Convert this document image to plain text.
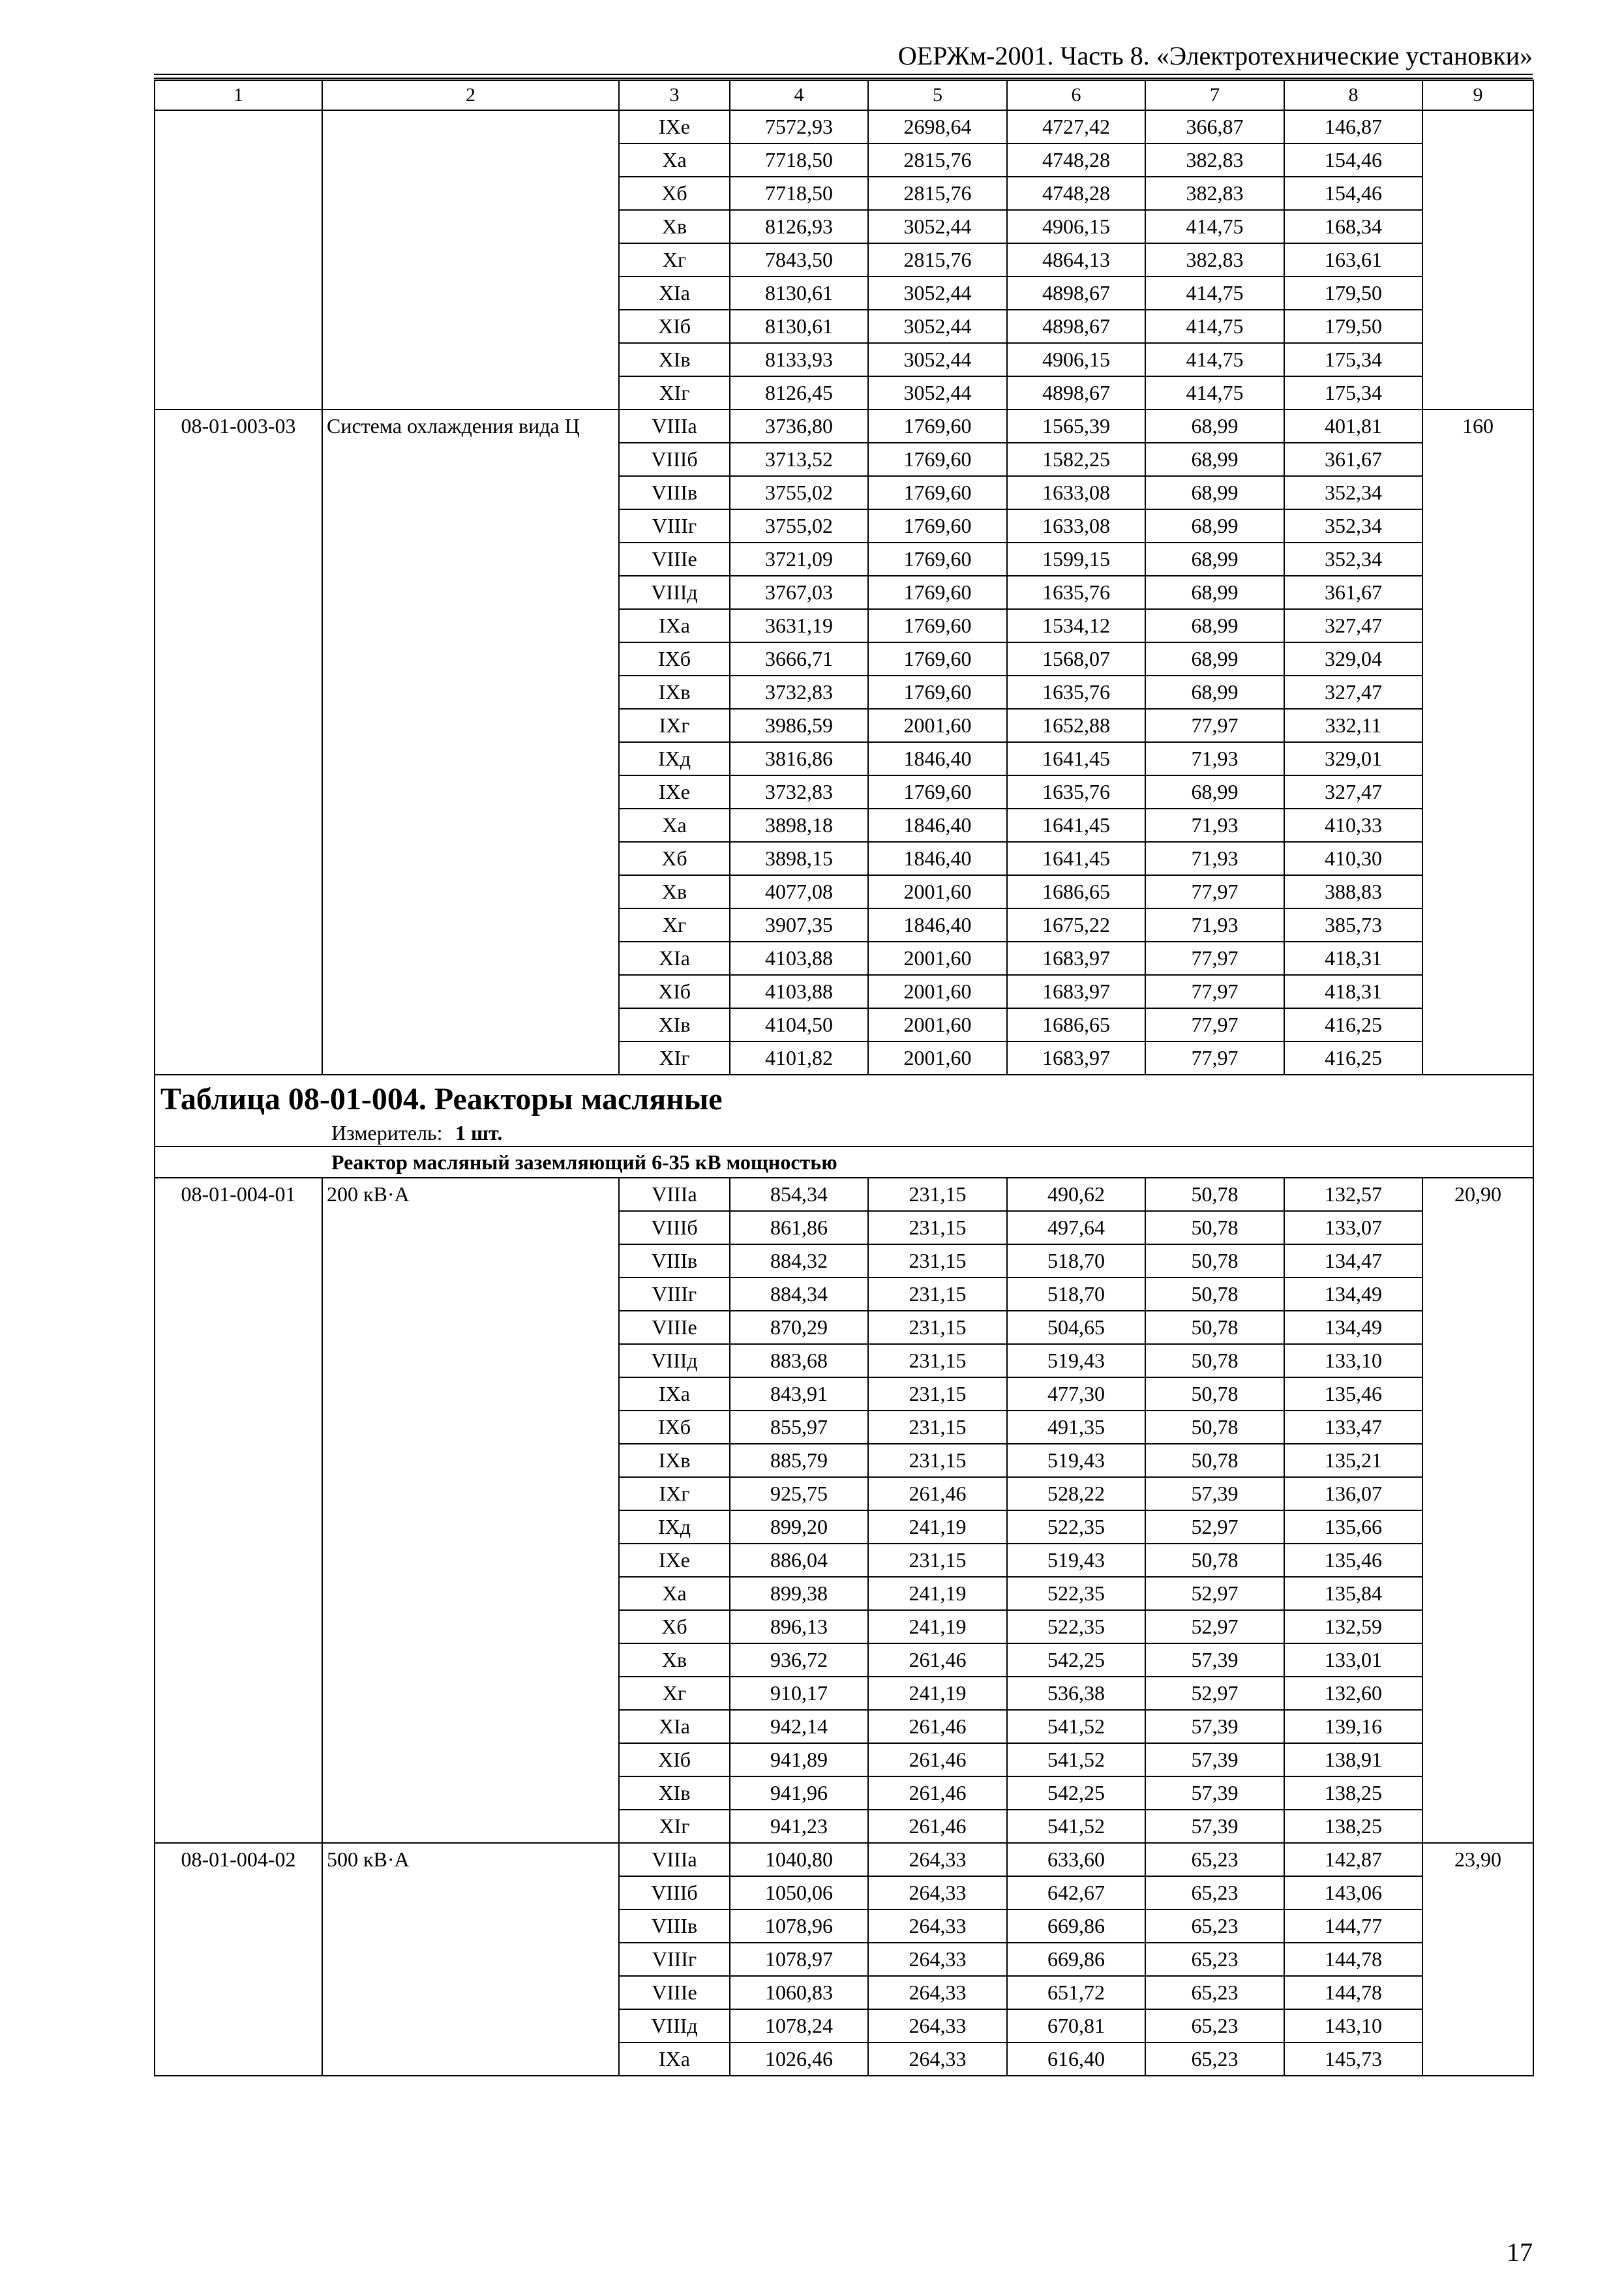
ОЕРЖм-2001. Часть 8. «Электротехнические установки»
1	2	3	4	5	6	7	8	9
		IXе	7572,93	2698,64	4727,42	366,87	146,87	
		Xа	7718,50	2815,76	4748,28	382,83	154,46	
		Xб	7718,50	2815,76	4748,28	382,83	154,46	
		Xв	8126,93	3052,44	4906,15	414,75	168,34	
		Xг	7843,50	2815,76	4864,13	382,83	163,61	
		XIа	8130,61	3052,44	4898,67	414,75	179,50	
		XIб	8130,61	3052,44	4898,67	414,75	179,50	
		XIв	8133,93	3052,44	4906,15	414,75	175,34	
		XIг	8126,45	3052,44	4898,67	414,75	175,34	
08-01-003-03	Система охлаждения вида Ц	VIIIа	3736,80	1769,60	1565,39	68,99	401,81	160
		VIIIб	3713,52	1769,60	1582,25	68,99	361,67	
		VIIIв	3755,02	1769,60	1633,08	68,99	352,34	
		VIIIг	3755,02	1769,60	1633,08	68,99	352,34	
		VIIIе	3721,09	1769,60	1599,15	68,99	352,34	
		VIIIд	3767,03	1769,60	1635,76	68,99	361,67	
		IXа	3631,19	1769,60	1534,12	68,99	327,47	
		IXб	3666,71	1769,60	1568,07	68,99	329,04	
		IXв	3732,83	1769,60	1635,76	68,99	327,47	
		IXг	3986,59	2001,60	1652,88	77,97	332,11	
		IXд	3816,86	1846,40	1641,45	71,93	329,01	
		IXе	3732,83	1769,60	1635,76	68,99	327,47	
		Xа	3898,18	1846,40	1641,45	71,93	410,33	
		Xб	3898,15	1846,40	1641,45	71,93	410,30	
		Xв	4077,08	2001,60	1686,65	77,97	388,83	
		Xг	3907,35	1846,40	1675,22	71,93	385,73	
		XIа	4103,88	2001,60	1683,97	77,97	418,31	
		XIб	4103,88	2001,60	1683,97	77,97	418,31	
		XIв	4104,50	2001,60	1686,65	77,97	416,25	
		XIг	4101,82	2001,60	1683,97	77,97	416,25	
Таблица 08-01-004. Реакторы масляные								
Измеритель: 1 шт.								
Реактор масляный заземляющий 6-35 кВ мощностью								
08-01-004-01	200 кВ·А	VIIIа	854,34	231,15	490,62	50,78	132,57	20,90
		VIIIб	861,86	231,15	497,64	50,78	133,07	
		VIIIв	884,32	231,15	518,70	50,78	134,47	
		VIIIг	884,34	231,15	518,70	50,78	134,49	
		VIIIе	870,29	231,15	504,65	50,78	134,49	
		VIIIд	883,68	231,15	519,43	50,78	133,10	
		IXа	843,91	231,15	477,30	50,78	135,46	
		IXб	855,97	231,15	491,35	50,78	133,47	
		IXв	885,79	231,15	519,43	50,78	135,21	
		IXг	925,75	261,46	528,22	57,39	136,07	
		IXд	899,20	241,19	522,35	52,97	135,66	
		IXе	886,04	231,15	519,43	50,78	135,46	
		Xа	899,38	241,19	522,35	52,97	135,84	
		Xб	896,13	241,19	522,35	52,97	132,59	
		Xв	936,72	261,46	542,25	57,39	133,01	
		Xг	910,17	241,19	536,38	52,97	132,60	
		XIа	942,14	261,46	541,52	57,39	139,16	
		XIб	941,89	261,46	541,52	57,39	138,91	
		XIв	941,96	261,46	542,25	57,39	138,25	
		XIг	941,23	261,46	541,52	57,39	138,25	
08-01-004-02	500 кВ·А	VIIIа	1040,80	264,33	633,60	65,23	142,87	23,90
		VIIIб	1050,06	264,33	642,67	65,23	143,06	
		VIIIв	1078,96	264,33	669,86	65,23	144,77	
		VIIIг	1078,97	264,33	669,86	65,23	144,78	
		VIIIе	1060,83	264,33	651,72	65,23	144,78	
		VIIIд	1078,24	264,33	670,81	65,23	143,10	
		IXа	1026,46	264,33	616,40	65,23	145,73	
17
